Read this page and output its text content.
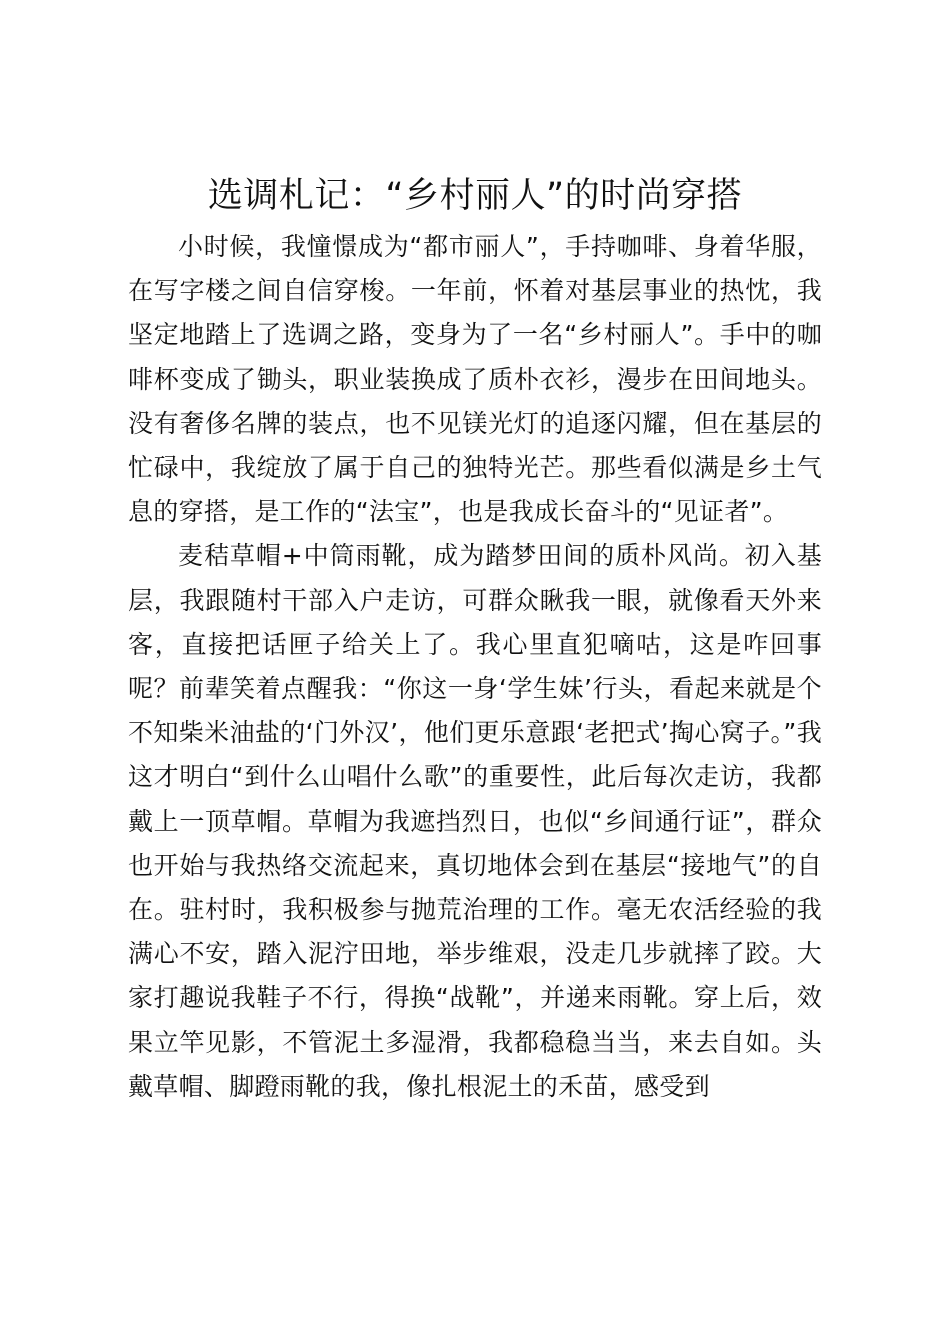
选调札记：“乡村丽人”的时尚穿搭

小时候，我憧憬成为“都市丽人”，手持咖啡、身着华服，在写字楼之间自信穿梭。一年前，怀着对基层事业的热忱，我坚定地踏上了选调之路，变身为了一名“乡村丽人”。手中的咖啡杯变成了锄头，职业装换成了质朴衣衫，漫步在田间地头。没有奢侈名牌的装点，也不见镁光灯的追逐闪耀，但在基层的忙碌中，我绽放了属于自己的独特光芒。那些看似满是乡土气息的穿搭，是工作的“法宝”，也是我成长奋斗的“见证者”。

麦秸草帽+中筒雨靴，成为踏梦田间的质朴风尚。初入基层，我跟随村干部入户走访，可群众瞅我一眼，就像看天外来客，直接把话匣子给关上了。我心里直犯嘀咕，这是咋回事呢？前辈笑着点醒我：“你这一身‘学生妹’行头，看起来就是个不知柴米油盐的‘门外汉’，他们更乐意跟‘老把式’掏心窝子。”我这才明白“到什么山唱什么歌”的重要性，此后每次走访，我都戴上一顶草帽。草帽为我遮挡烈日，也似“乡间通行证”，群众也开始与我热络交流起来，真切地体会到在基层“接地气”的自在。驻村时，我积极参与抛荒治理的工作。毫无农活经验的我满心不安，踏入泥泞田地，举步维艰，没走几步就摔了跤。大家打趣说我鞋子不行，得换“战靴”，并递来雨靴。穿上后，效果立竿见影，不管泥土多湿滑，我都稳稳当当，来去自如。头戴草帽、脚蹬雨靴的我，像扎根泥土的禾苗，感受到
